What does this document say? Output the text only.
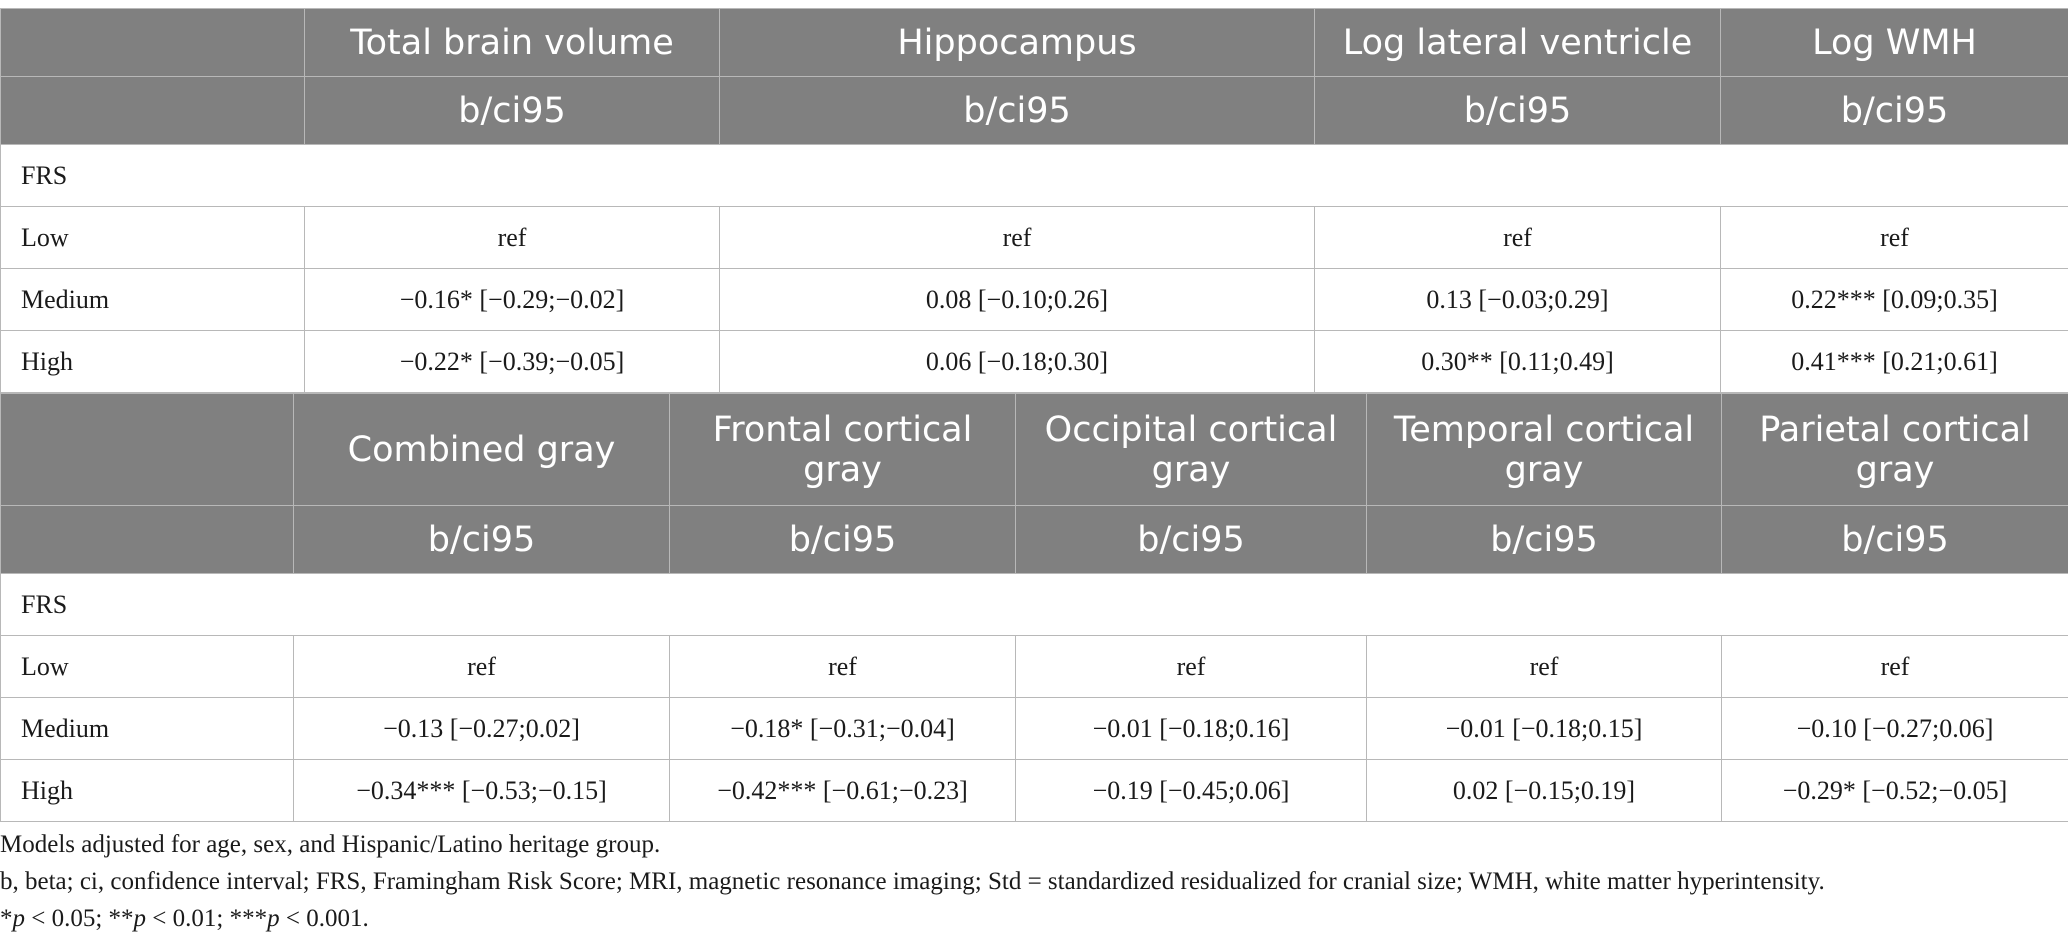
	Total brain volume	Hippocampus	Log lateral ventricle	Log WMH
	b/ci95	b/ci95	b/ci95	b/ci95
FRS				
Low	ref	ref	ref	ref
Medium	−0.16* [−0.29;−0.02]	0.08 [−0.10;0.26]	0.13 [−0.03;0.29]	0.22*** [0.09;0.35]
High	−0.22* [−0.39;−0.05]	0.06 [−0.18;0.30]	0.30** [0.11;0.49]	0.41*** [0.21;0.61]
	Combined gray	Frontal cortical gray	Occipital cortical gray	Temporal cortical gray	Parietal cortical gray
	b/ci95	b/ci95	b/ci95	b/ci95	b/ci95
FRS					
Low	ref	ref	ref	ref	ref
Medium	−0.13 [−0.27;0.02]	−0.18* [−0.31;−0.04]	−0.01 [−0.18;0.16]	−0.01 [−0.18;0.15]	−0.10 [−0.27;0.06]
High	−0.34*** [−0.53;−0.15]	−0.42*** [−0.61;−0.23]	−0.19 [−0.45;0.06]	0.02 [−0.15;0.19]	−0.29* [−0.52;−0.05]
Models adjusted for age, sex, and Hispanic/Latino heritage group.
b, beta; ci, confidence interval; FRS, Framingham Risk Score; MRI, magnetic resonance imaging; Std = standardized residualized for cranial size; WMH, white matter hyperintensity.
*p < 0.05; **p < 0.01; ***p < 0.001.
